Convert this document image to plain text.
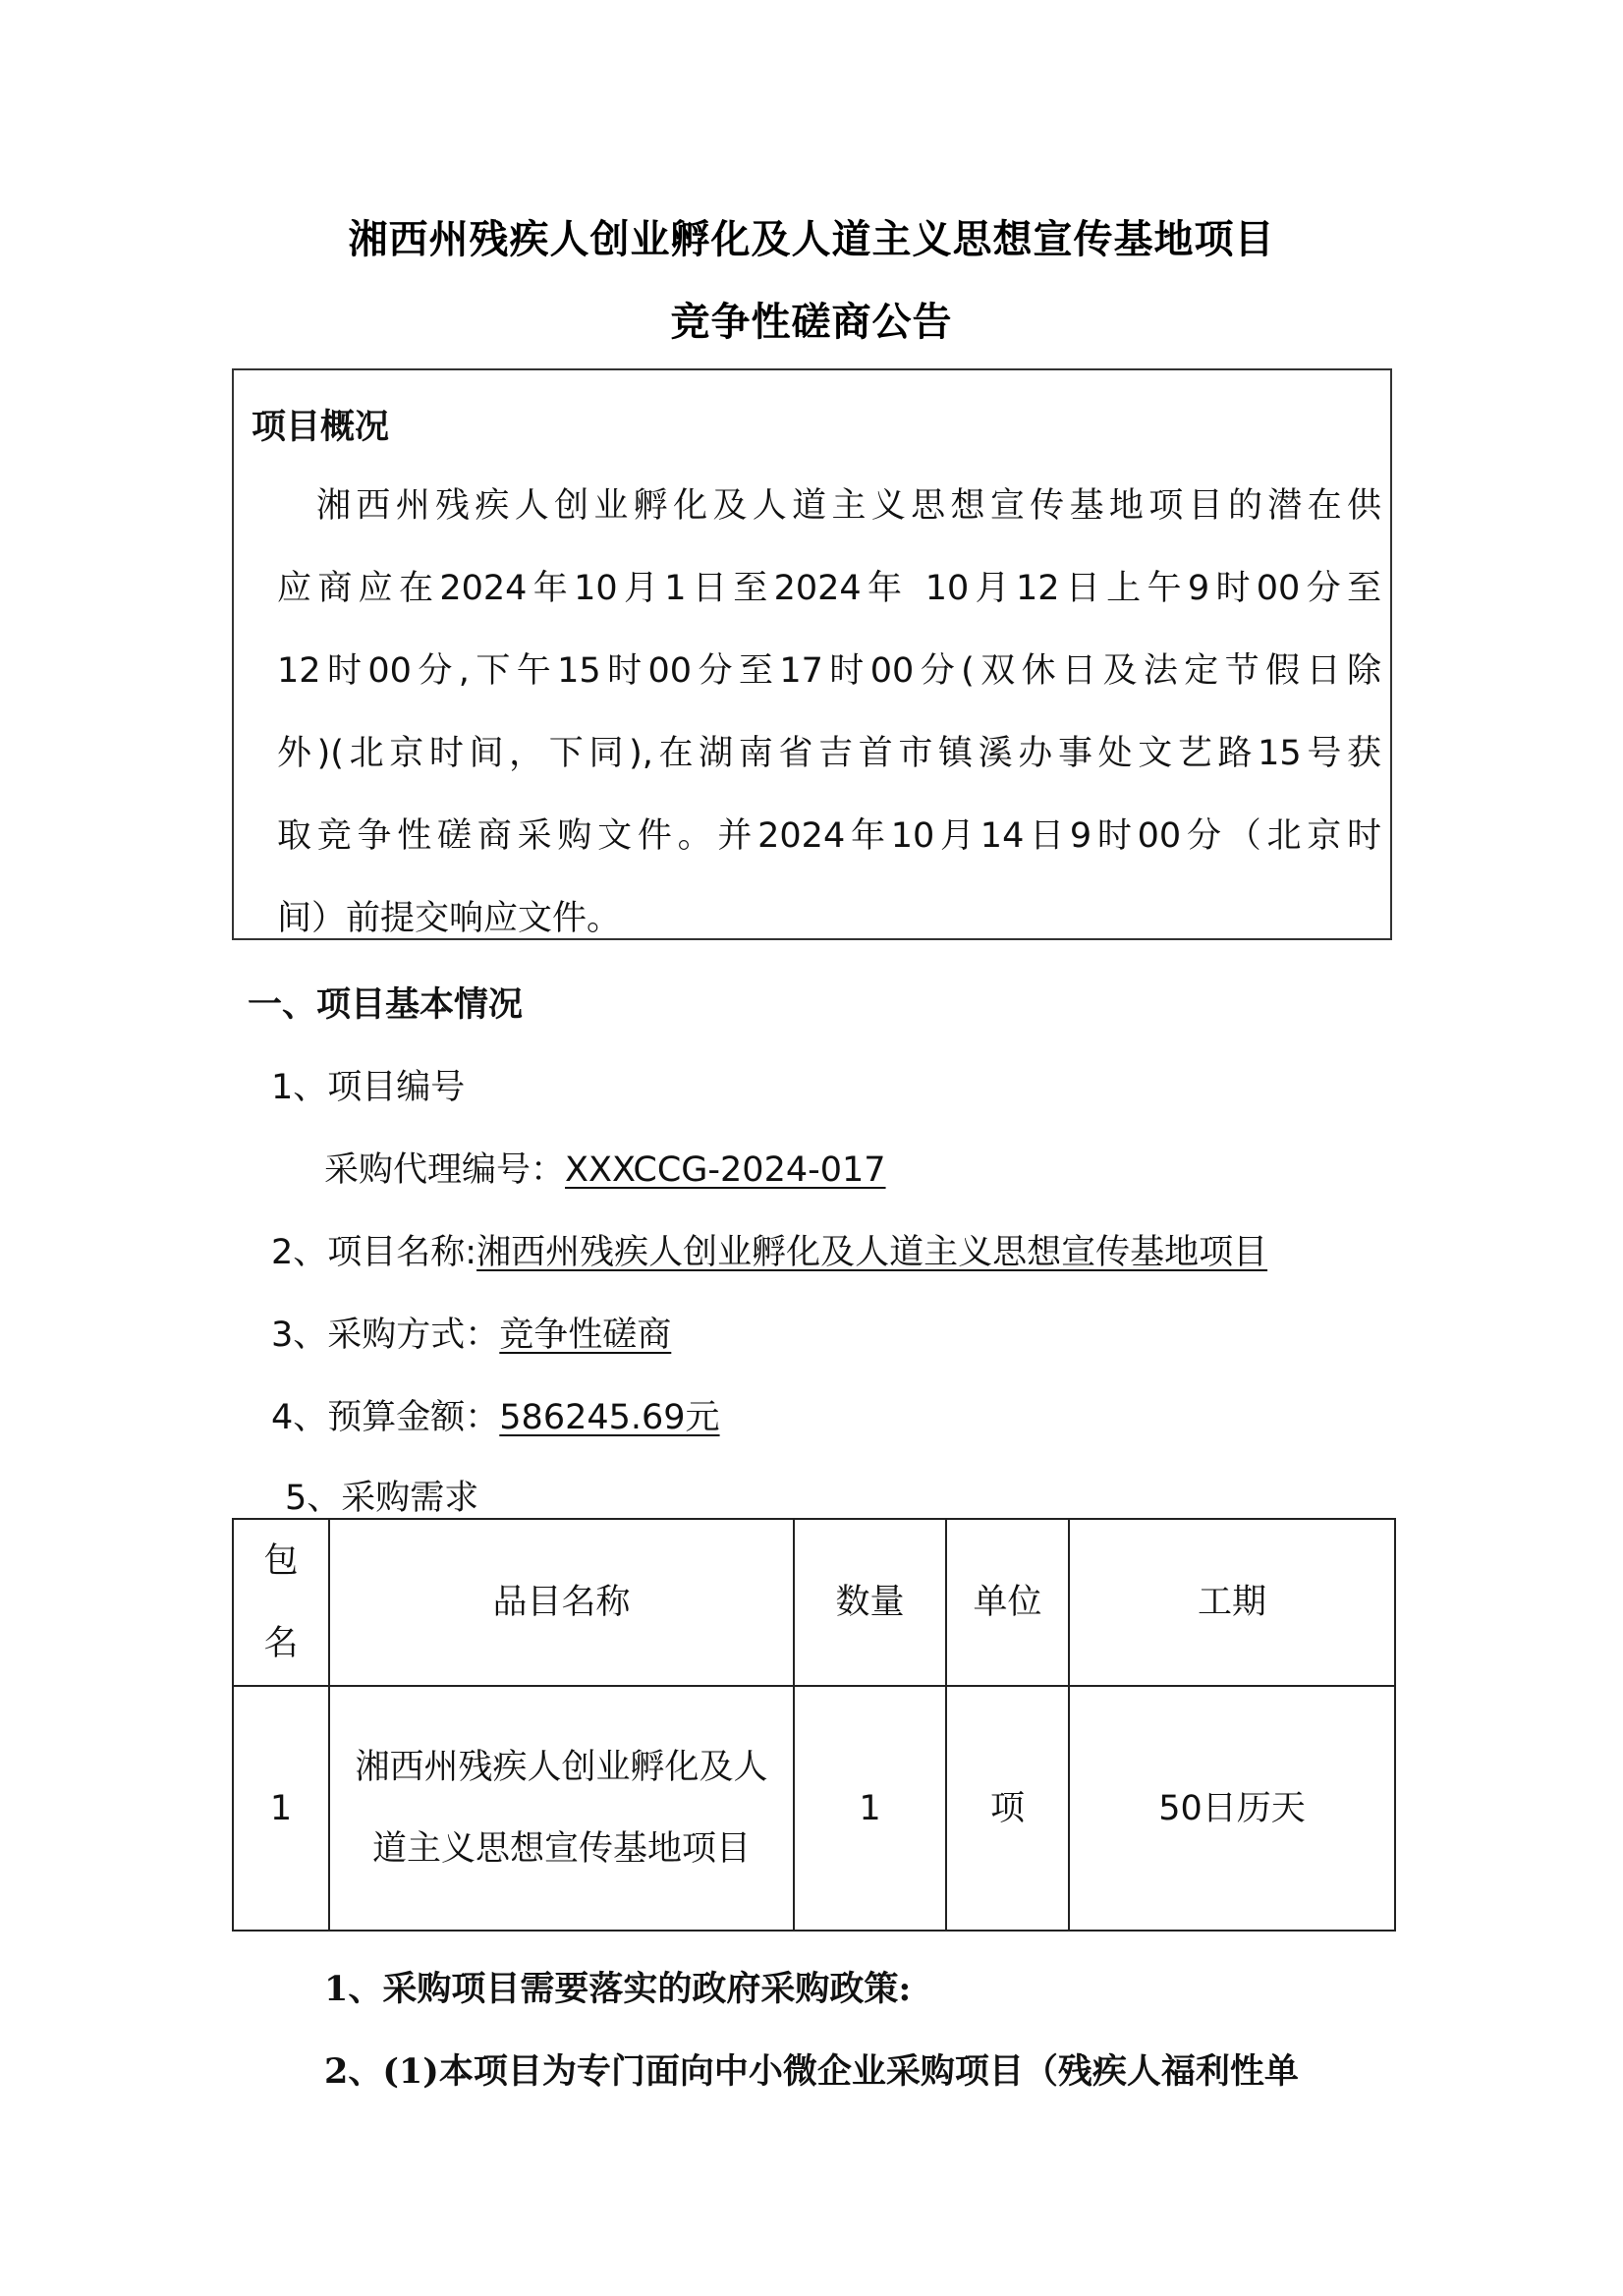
湘西州残疾人创业孵化及人道主义思想宣传基地项目
竞争性磋商公告
项目概况
湘西州残疾人创业孵化及人道主义思想宣传基地项目的潜在供
应商应在2024年10月1日至2024年 10月12日上午9时00分至
12时00分,下午15时00分至17时00分(双休日及法定节假日除
外)(北京时间，下同),在湖南省吉首市镇溪办事处文艺路15号获
取竞争性磋商采购文件。并2024年10月14日9时00分（北京时
间）前提交响应文件。
一、项目基本情况
1、项目编号
采购代理编号：XXXCCG-2024-017
2、项目名称:湘西州残疾人创业孵化及人道主义思想宣传基地项目
3、采购方式：竞争性磋商
4、预算金额：586245.69元
5、采购需求
包
名	品目名称	数量	单位	工期
1	湘西州残疾人创业孵化及人道主义思想宣传基地项目	1	项	50日历天
1、采购项目需要落实的政府采购政策:
2、(1)本项目为专门面向中小微企业采购项目（残疾人福利性单
